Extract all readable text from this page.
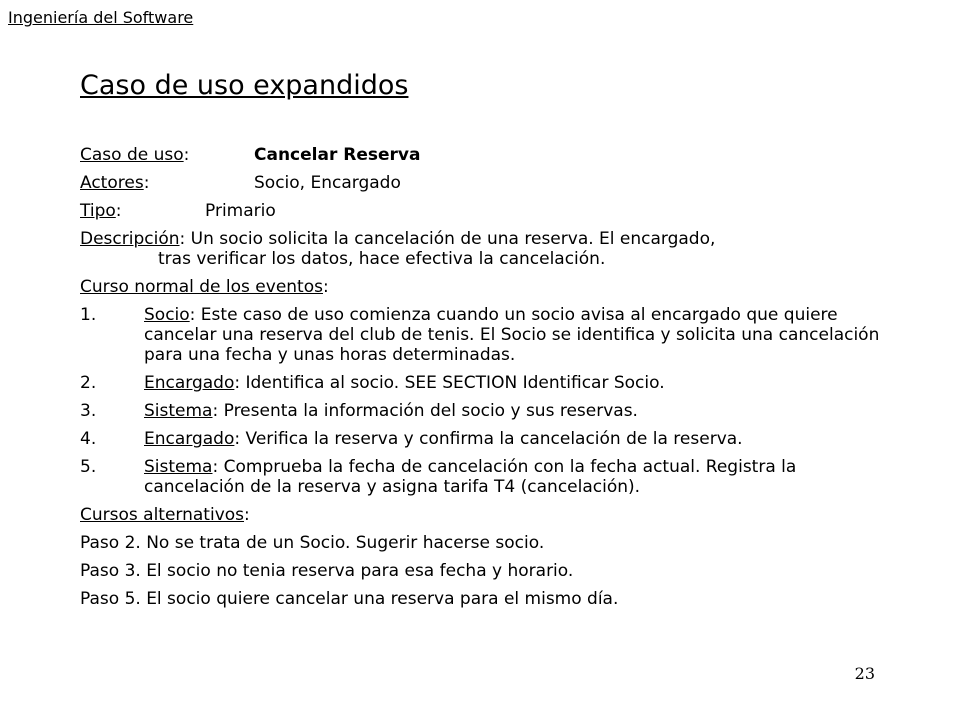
Ingeniería del Software
Caso de uso expandidos
Caso de uso:	Cancelar Reserva
Actores:	Socio, Encargado
Tipo:	Primario
Descripción: Un socio solicita la cancelación de una reserva. El encargado,
tras verificar los datos, hace efectiva la cancelación.
Curso normal de los eventos:
1.	Socio: Este caso de uso comienza cuando un socio avisa al encargado que quiere cancelar una reserva del club de tenis. El Socio se identifica y solicita una cancelación para una fecha y unas horas determinadas.
2.	Encargado: Identifica al socio. SEE SECTION Identificar Socio.
3.	Sistema: Presenta la información del socio y sus reservas.
4.	Encargado: Verifica la reserva y confirma la cancelación de la reserva.
5.	Sistema: Comprueba la fecha de cancelación con la fecha actual. Registra la cancelación de la reserva y asigna tarifa T4 (cancelación).
Cursos alternativos:
Paso 2. No se trata de un Socio. Sugerir hacerse socio.
Paso 3. El socio no tenia reserva para esa fecha y horario.
Paso 5. El socio quiere cancelar una reserva para el mismo día.
23
